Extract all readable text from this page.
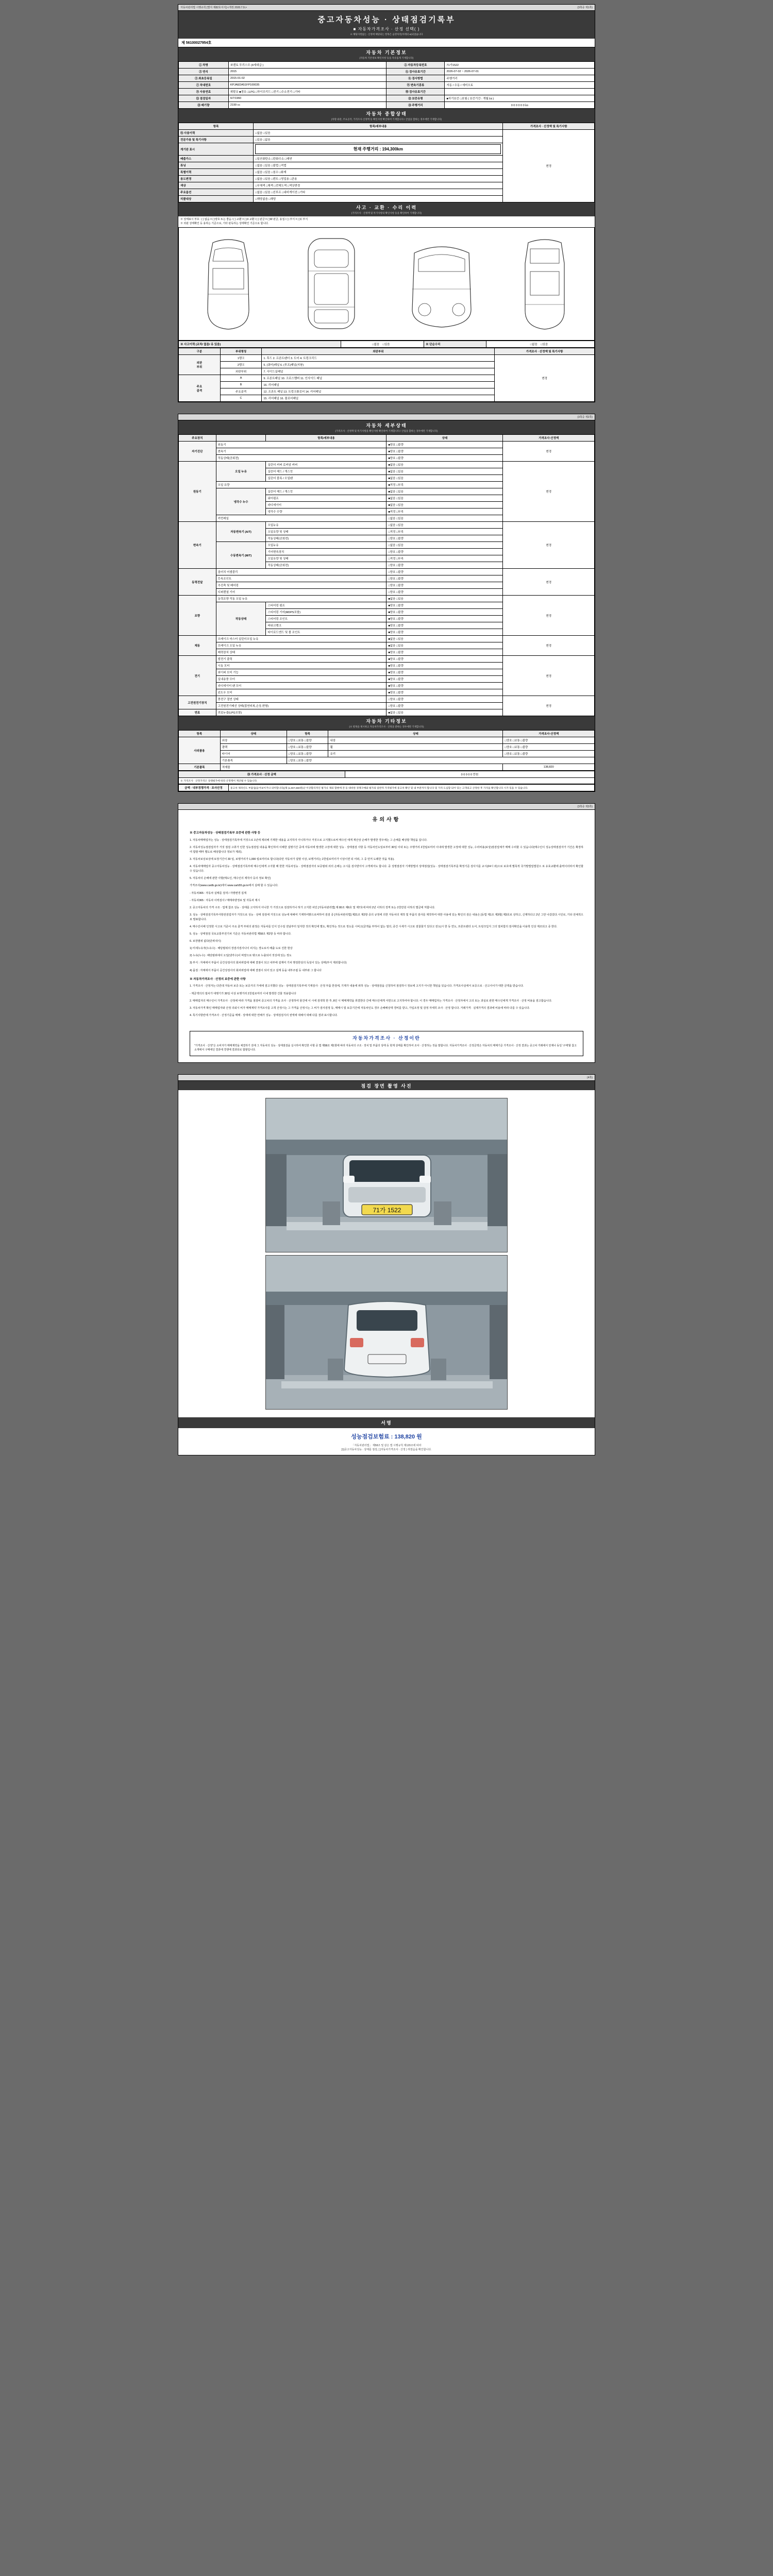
자동차관리법 시행규칙 [별지 제82호서식] <개정 2020.7.9.>	(3쪽중 제1쪽)
중고자동차성능 · 상태점검기록부
■ 자동차가격조사 · 산정 선택( )
※ 해당사항없는 ·산정에 해당되는 항목은 음영처리(아래의 ●)되었습니다
제 56100027954호
자동차 기본정보
(자동차 기본정보 확인사항 등을 자유롭게 기재합니다)
① 차명	쏘렌토 투리스모 (4세대급 )	② 자동차등록번호	71가1522
③ 연식	2015	④ 검사유효기간	2026-07-02 ~ 2026-07-01
⑤ 최초등록일	2015-01-02	⑥ 검사방법	주행거리
⑦ 차대번호	KPJAEDA51FP100035	⑧ 변속기종류	자동 / 수동 / 세미오토
⑨ 사용연료	휘발유 ■경유 □LPG □하이브리드 □전기 □수소전기 □기타	⑩ 검사유효기간	
⑪ 점검일자	6/7/1960	⑫ 보증유형	■자기보증 □보험 ( 보증기간 : 개월 ㎞ )
⑬ 배기량	2199 cc	⑭ 주행거리	0 0 0 0 0 0 ㎞
자동차 종합상태
(차량 외관, 주요골격, 가격조사·산정액 등 확인사항 확인하여 기재합니다 / 산업을 합하는 경우에만 기재합니다)
항목	항목/세부내용	가격조사 · 산정액 및 특기사항
⑮ 사용이력	□없음 □있음	변경

전문가용 및 특기사항	□있음 □없음	
계기판 표시	현재 주행거리 : 194,300km	

배출가스	□일산화탄소 □탄화수소 □매연	
튜닝	□없음 □있음 □불법 □적법	
특별이력	□없음 □있음 □침수 □화재	
용도변경	□없음 □있음 □렌트 □영업용 □관용	
색상	□무채색 □채색 □전체도색 □색상변경	
주요옵션	□없음 □있음 □선루프 □내비게이션 □기타	
리콜대상	□해당없음 □해당	
사고 · 교환 · 수리 이력
(가격조사 · 산정액 및 특기사항의 확인사항 등을 확인하여 기재합니다)
※ 상태표시 부호 : ( ) 없음 = ( )양호 또는 좋음 / ( ) 교환 = ( )X 교환 / ( ) 판금 = ( )W 판금, 용접 / ( ) 부식 = ( )C 부식
※ 외판 상태확인 등 용하는 기준으로, 기타 판독하는 상태확인 기준으로 합니다.
※ 사고이력 (교차/ 없음/ 유 있음)	□없음 □있음	※ 단순수리	□없음 □있음
구분	부위명칭	외판부위	가격조사 · 산정액 및 특기사항
외판
부위	1랭크	1. 후드 2. 프론트팬더 3. 도어 4. 트렁크리드	변경
	2랭크	5. (쿼터)패널 6. (루프)패널(지붕)	
	외판부위	7. 사이드실패널	
주요
골격	A	9. 프론트패널 10. 크로스멤버 11. 인사이드 패널	
	B	16. 리어패널	
	주요골격	12. 프론트 패널 13. 트렁크플로어 14. 리어패널	
	C	15. 리어패널 16. 플로어패널	
(3쪽중 제2쪽)
자동차 세부상태
(가격조사 · 산정액 및 특기사항을 확인사항 확인하여 기재합니다 / 산업을 합하는 경우에만 기재합니다)
주요장치		항목/세부내용	상태	가격조사·산정액
자기진단	원동기		■양호 □불량	변경
	변속기		■양호 □불량	
	작동상태(공회전)		■양호 □불량	
원동기	오일 누유	실린더 커버 로커암 커버	■없음 □있음	변경
		실린더 헤드 / 개스킷	■없음 □있음	
		실린더 블록 / 오일팬	■없음 □있음	
	오일 유량		■적정 □부족	
	냉각수 누수	실린더 헤드 / 개스킷	■없음 □있음	
		워터펌프	■없음 □있음	
		라디에이터	■없음 □있음	
		냉각수 수량	■적정 □부족	
	커먼레일		□없음 □있음	
변속기	자동변속기 (A/T)	오일누유	□없음 □있음	변경
		오일유량 및 상태	□적정 □부족	
		작동상태(공회전)	□양호 □불량	
	수동변속기 (M/T)	오일누유	□없음 □있음	
		기어변속장치	□양호 □불량	
		오일유량 및 상태	□적정 □부족	
		작동상태(공회전)	□양호 □불량	
동력전달	클러치 어셈블리		□양호 □불량	변경
	등속조인트		□양호 □불량	
	추진축 및 베어링		□양호 □불량	
	디퍼렌셜 기어		□양호 □불량	
조향	동력조향 작동 오일 누유		■없음 □있음	변경
	작동상태	스티어링 펌프	■양호 □불량	
		스티어링 기어(MDPS포함)	■양호 □불량	
		스티어링 조인트	■양호 □불량	
		파워크랭크	■양호 □불량	
		타이로드엔드 및 볼 조인트	■양호 □불량	
제동	브레이크 마스터 실린더오일 누유		■없음 □있음	변경
	브레이크 오일 누유		■없음 □있음	
	배력장치 상태		■양호 □불량	
전기	발전기 출력		■양호 □불량	변경
	시동 모터		■양호 □불량	
	와이퍼 모터 기능		■양호 □불량	
	실내송풍 모터		■양호 □불량	
	라디에이터 팬 모터		■양호 □불량	
	윈도우 모터		■양호 □불량	
고전원전기장치	충전구 절연 상태		□양호 □불량	변경
	고전원전기배선 상태(접연피복,손상,변형)		□양호 □불량	
연료	연료누출(LPG포함)		■없음 □있음	
자동차 기타정보
(※ 항목을 제시하고 자동차가격조사 · 산정을 받하는 경우에만 기재합니다)
항목	상태	항목	상태	가격조사·산정액
사외품용	외장	□양호 □보통 □불량	내장	□양호 □보통 □불량
	광택	□양호 □보통 □불량	휠	□양호 □보통 □불량
	타이어	□양호 □보통 □불량	유리	□양호 □보통 □불량
	기본품목	□양호 □보통 □불량		
기본품목	적재물			138,820
㉔ 가격조사 · 산정 금액	0 0 0 0 0 만원
※ 가격조사 · 산정가격은 상태평가에 따라 산정액이 계산될 수 있습니다.
금액 · 내부경쟁가격 · 조사산정	중고차 제작년도 부품업(들어보이거나 의미합니다)(제 (1,007,000원)난 이상합리적인 평가나 제의 합변에 견 등 대비한 경쟁구매와 평가의 일반적 가격평가에 중고차 확인 및 내 부분까지 합니다 및 가격 도심할 되어 있는 고객의고 산정한 후 가격을 확인합니다 시가 있을 수 있습니다.
(3쪽중 제3쪽)
유의사항
※ 중고자동차성능 · 상태점검기록부 보증에 관한 사항 등

1. 자동차매매업자는 성능 · 상태점검기록부에 거짓으로 1년에 제외해 기재한 내용을 교지하지 아니하거나 거짓으로 고지했으로써 매수인 애게 재산상 손해가 발생한 경우에는 그 손해를 배상할 책임을 집니다.

2. 자동차성능점검업자가 거짓 점검 고취가 인한 성능점검업 내용을 확인하여 이해한 설명기간 중에 자동차에 발생한 고장에 대한 성능 · 상태점검 사항 등 자동차인도일로부터 30일 이내 또는 주행거리 2천킬로미터 이내에 발생한 고장에 대한 성능, 수리비용(보상)점검업체가 매매 수리할 수 있습니다(매수인이 성능상태점검자가 기간은 확장하여 합할 때마 별도로 배상합니다 정보가 제외).

3. 자동차보상보상에 보장기간이 30 일, 보행거리가 1,000 킬로미터로 합니다(다만 자동차가 설명 이상, 보행거리는 2천킬로미터가 이상이면 되 어떠, 그 중 먼저 도래한 것을 적용).

4. 자동차매매업자 중고자동차성능 · 상태점검기록부에 매수인에게 고지할 때 한한 자동차성능 · 상태점검자의 보증범위 외의 손해는 고시를 검사받아서 고객에서도 합니다. 중 성명점검자 기재방법의 상태점검(성능 · 상태점검기록부를 확정기준 검사지를 교시(24시 외)으로 보호에 별목적 국가발법업법원으 로 유효교환에 출력이더라서 확인할 수 있습니다.

5. 자동차의 손해에 관한 사항(매도인, 매수인의 제작사 등의 정보 확인)

가격조사(www.cardb.go.kr)에서 www.carb55.go.kr에서 실배 할 수 있습니다.

- 자동차365 : 자동차 실매를 검색 / 자명변경 집계

- 자동차365 : 자동차 이력검사 / 매매차량정보 및 자동차 제시

2. 중고자동차의 가격 구조 · 업계 참조 성능 · 상태를 고지하지 아니한 가 거짓으로 검검하거나 허가 고지한 차인 [자동차관리법] 제 80조 제6호 및 제7호에 따라 2년 이하의 징역 또는 2천만원 이하의 벌금에 처합니다.

3. 성능 · 상태검검기록부사항전검업자가 거짓으로 성능 · 상태 검검에 거짓으로 성능에 대해여 기재하여밝으로써하여 검검 중 [자동차관리법] 제21조 제2항 중의 규정에 의한 자동차의 제작 및 부품의 검사를 제작하여 대한 사용에 있는 확인의 검은 내용은 [동법 제1조 제3항] 제3호로 상하고, 신제하다고 2년 그만 나갔었다.시인로, 기타 전체적으로 발표합니다.

4. 매수인이해 인정한 시고로 기준이 주요 골격 부위의 판정은 자동차를 인식 인수일 전날부터 일자한 것의 확인에 별도, 확인하는 것으로 정도를 시비고(금액을 부하이 없는 열의, 중간 시세가 시고로 검찰물기 있다고 전도(시 한 등 연도, 프론트팬더 도어, 트렁크입지 그의 열차함의 검사확인을 이용학 인상 제조되고 중 한다.

5. 성능 · 상태점검 국토교통부전기차 기준은 자동차관리법 제58조 제2항 등 따라 합니다.

6. 보장범위 없다(단위내시)

1) 미세누유자(누유수) · 해당범위의 장검사검사나이 피지는 경도로서 배출 도로 진한 현상

2) 누유(누수) : 해당범위에서 오일(냉각수)이 바깥으로 밖으로 누출되어 것상에 있는 정도

3) 부식 : 자체에서 부품이 공간상검사의 회차위업에 대해 결점이 되고 내부에 설계여 기차 행검한상의 독일이 있는 상태(부식 제외합니다)

4) 품질 : 자체에서 부품이 공간상검사의 회차위업에 대해 결점이 되어 있고 설계 등을 내부조립 등 내부와 그 합니다

※ 자동차가격조사 · 산정의 보증에 관한 사항

1. 가격조사 · 산정자는 다른데 자동차 보증 또는 보증거의 가세에 검고지했다 성능 · 상태검검기록부에 기재검사 · 산정 부품 한검에, 기재가 내용에 위하 성능 · 상태점검을 신청하여 점검하시 정보에 고지가 아니한 책임을 있습니다. 가격조사실에서 보증으로 · 산고사이가 대한 금액을 받습니다.

- 계금액의의 절차가 대행기가 30일 이상 보행거리 2천킬로미터 이내 발생한 건물 적용합니다

2. 매매업자의 매수인이 가격조사 · 산정에 따라 가격을 점검비 중고차의 가격을 조사 · 산정하여 물건에 이 시에 검색학 한 후, 8인 시 매매계약을 취결한다 간에 매수인에게 서면으로 고지하여야 합니다. 이 경우 매매업자는 가격조사 · 산정자에서 고의 또는 과실로 관한 매수인에게 가격조사 · 산정 비용을 검고합습니다.

3. 자동차가격 확인 매매업자와 산정 의뢰시 비가 매매계약 가격조사를 고객 산정시는 그 가격을 산정시는 그 비가 검사검정 등, 매매시 및 보증기간에 자동차인도 경우 손해배상액 경비를 받고, 가입조정 및 감정 자세히 조사 · 산정 합니다. 거래가격 · 실제가격의 결과에 비용에 따라 다를 수 있습니다.

4. 특기사항란에 가격조사 · 산정기준을 매매 · 상태에 대한 연해가 성능 · 상태검검지의 권액에 대해서 대해 다를 결과 표시합니다.

자동차가격조사 · 산정이란
"가격조사 · 산정"은 소비자가 매매계약을 체결하기 전에 그 자동차의 성능 · 상태점검을 실시하여 확인한 사항 중 법 제58조 제1항에 따라 자동차의 구조 · 장치 및 부품의 상태 등 현재 상태를 확인하여 조사 · 산정하는 것을 말합니다. 자동차가격조사 · 산정금액은 자동차의 매매기준 가격조사 · 산정 결과는 중고차 거래에서 언제나 동일 '구매'할 참고 소재에서 구매에던 결과에 경쟁에 결과되로 합할입니다.
(4쪽)
점검 장면 촬영 사진
71가 1522
서명
성능점검보험료 : 138,820 원
「자동차관리법」 제58조 및 같은 법 시행규칙 제120조에 따라
[1]중고자동차성능 · 상태를 점검, [ ]자동차가격조사 · 산정 ) 하였음을 확인합니다.
